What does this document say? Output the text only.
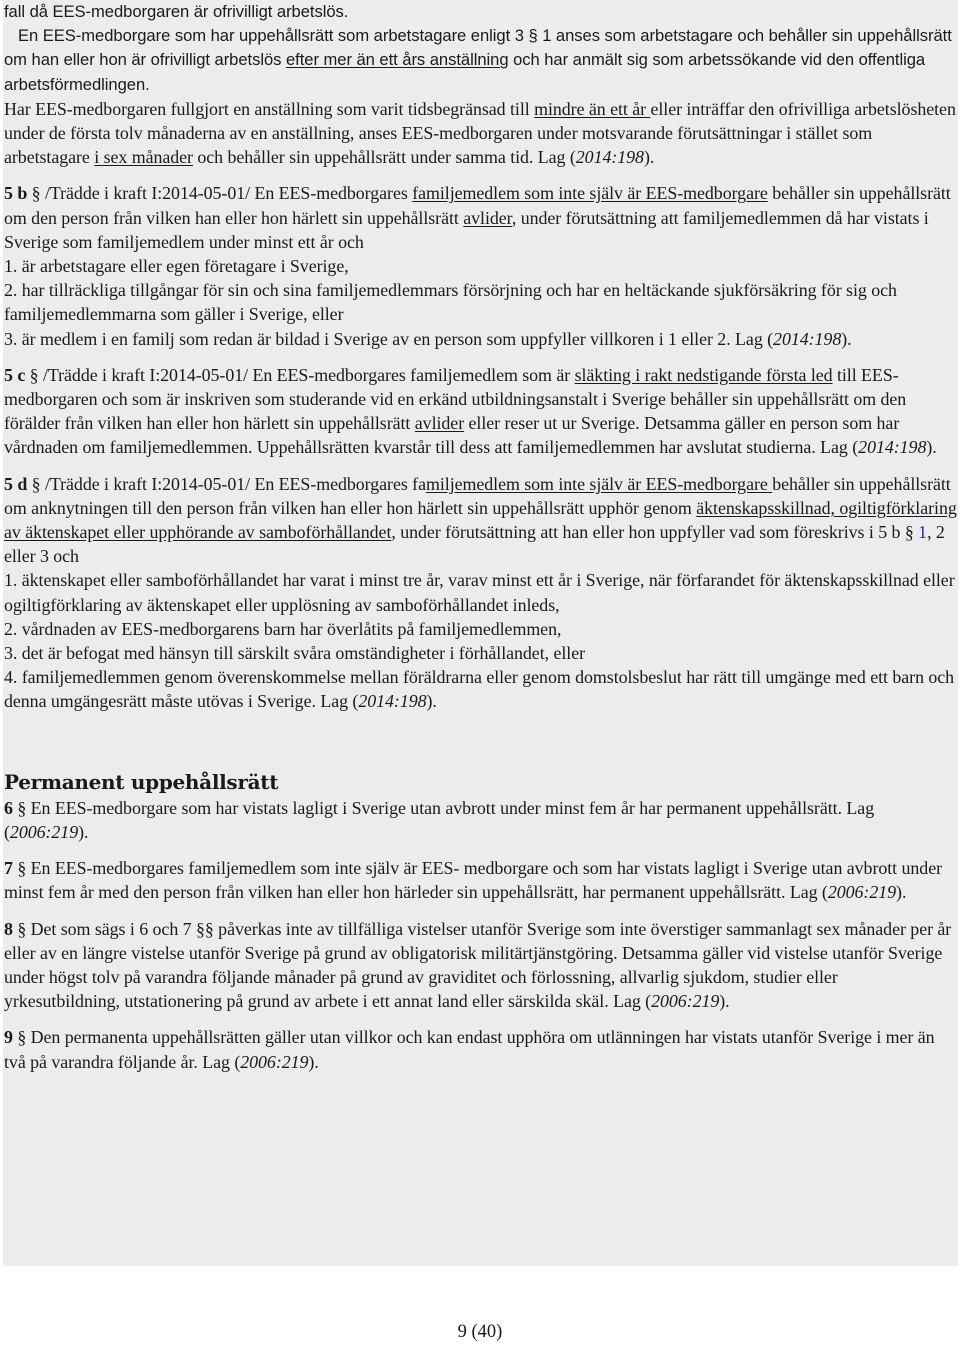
fall då EES-medborgaren är ofrivilligt arbetslös.

En EES-medborgare som har uppehållsrätt som arbetstagare enligt 3 § 1 anses som arbetstagare och behåller sin uppehållsrätt om han eller hon är ofrivilligt arbetslös efter mer än ett års anställning och har anmält sig som arbetssökande vid den offentliga arbetsförmedlingen.

Har EES-medborgaren fullgjort en anställning som varit tidsbegränsad till mindre än ett år eller inträffar den ofrivilliga arbetslösheten under de första tolv månaderna av en anställning, anses EES-medborgaren under motsvarande förutsättningar i stället som arbetstagare i sex månader och behåller sin uppehållsrätt under samma tid. Lag (2014:198).

5 b § /Trädde i kraft I:2014-05-01/ En EES-medborgares familjemedlem som inte själv är EES-medborgare behåller sin uppehållsrätt om den person från vilken han eller hon härlett sin uppehållsrätt avlider, under förutsättning att familjemedlemmen då har vistats i Sverige som familjemedlem under minst ett år och

1. är arbetstagare eller egen företagare i Sverige,

2. har tillräckliga tillgångar för sin och sina familjemedlemmars försörjning och har en heltäckande sjukförsäkring för sig och familjemedlemmarna som gäller i Sverige, eller

3. är medlem i en familj som redan är bildad i Sverige av en person som uppfyller villkoren i 1 eller 2. Lag (2014:198).

5 c § /Trädde i kraft I:2014-05-01/ En EES-medborgares familjemedlem som är släkting i rakt nedstigande första led till EES-medborgaren och som är inskriven som studerande vid en erkänd utbildningsanstalt i Sverige behåller sin uppehållsrätt om den förälder från vilken han eller hon härlett sin uppehållsrätt avlider eller reser ut ur Sverige. Detsamma gäller en person som har vårdnaden om familjemedlemmen. Uppehållsrätten kvarstår till dess att familjemedlemmen har avslutat studierna. Lag (2014:198).

5 d § /Trädde i kraft I:2014-05-01/ En EES-medborgares familjemedlem som inte själv är EES-medborgare behåller sin uppehållsrätt om anknytningen till den person från vilken han eller hon härlett sin uppehållsrätt upphör genom äktenskapsskillnad, ogiltigförklaring av äktenskapet eller upphörande av samboförhållandet, under förutsättning att han eller hon uppfyller vad som föreskrivs i 5 b § 1, 2 eller 3 och

1. äktenskapet eller samboförhållandet har varat i minst tre år, varav minst ett år i Sverige, när förfarandet för äktenskapsskillnad eller ogiltigförklaring av äktenskapet eller upplösning av samboförhållandet inleds,

2. vårdnaden av EES-medborgarens barn har överlåtits på familjemedlemmen,

3. det är befogat med hänsyn till särskilt svåra omständigheter i förhållandet, eller

4. familjemedlemmen genom överenskommelse mellan föräldrarna eller genom domstolsbeslut har rätt till umgänge med ett barn och denna umgängesrätt måste utövas i Sverige. Lag (2014:198).

Permanent uppehållsrätt

6 § En EES-medborgare som har vistats lagligt i Sverige utan avbrott under minst fem år har permanent uppehållsrätt. Lag (2006:219).

7 § En EES-medborgares familjemedlem som inte själv är EES- medborgare och som har vistats lagligt i Sverige utan avbrott under minst fem år med den person från vilken han eller hon härleder sin uppehållsrätt, har permanent uppehållsrätt. Lag (2006:219).

8 § Det som sägs i 6 och 7 §§ påverkas inte av tillfälliga vistelser utanför Sverige som inte överstiger sammanlagt sex månader per år eller av en längre vistelse utanför Sverige på grund av obligatorisk militärtjänstgöring. Detsamma gäller vid vistelse utanför Sverige under högst tolv på varandra följande månader på grund av graviditet och förlossning, allvarlig sjukdom, studier eller yrkesutbildning, utstationering på grund av arbete i ett annat land eller särskilda skäl. Lag (2006:219).

9 § Den permanenta uppehållsrätten gäller utan villkor och kan endast upphöra om utlänningen har vistats utanför Sverige i mer än två på varandra följande år. Lag (2006:219).

9 (40)
